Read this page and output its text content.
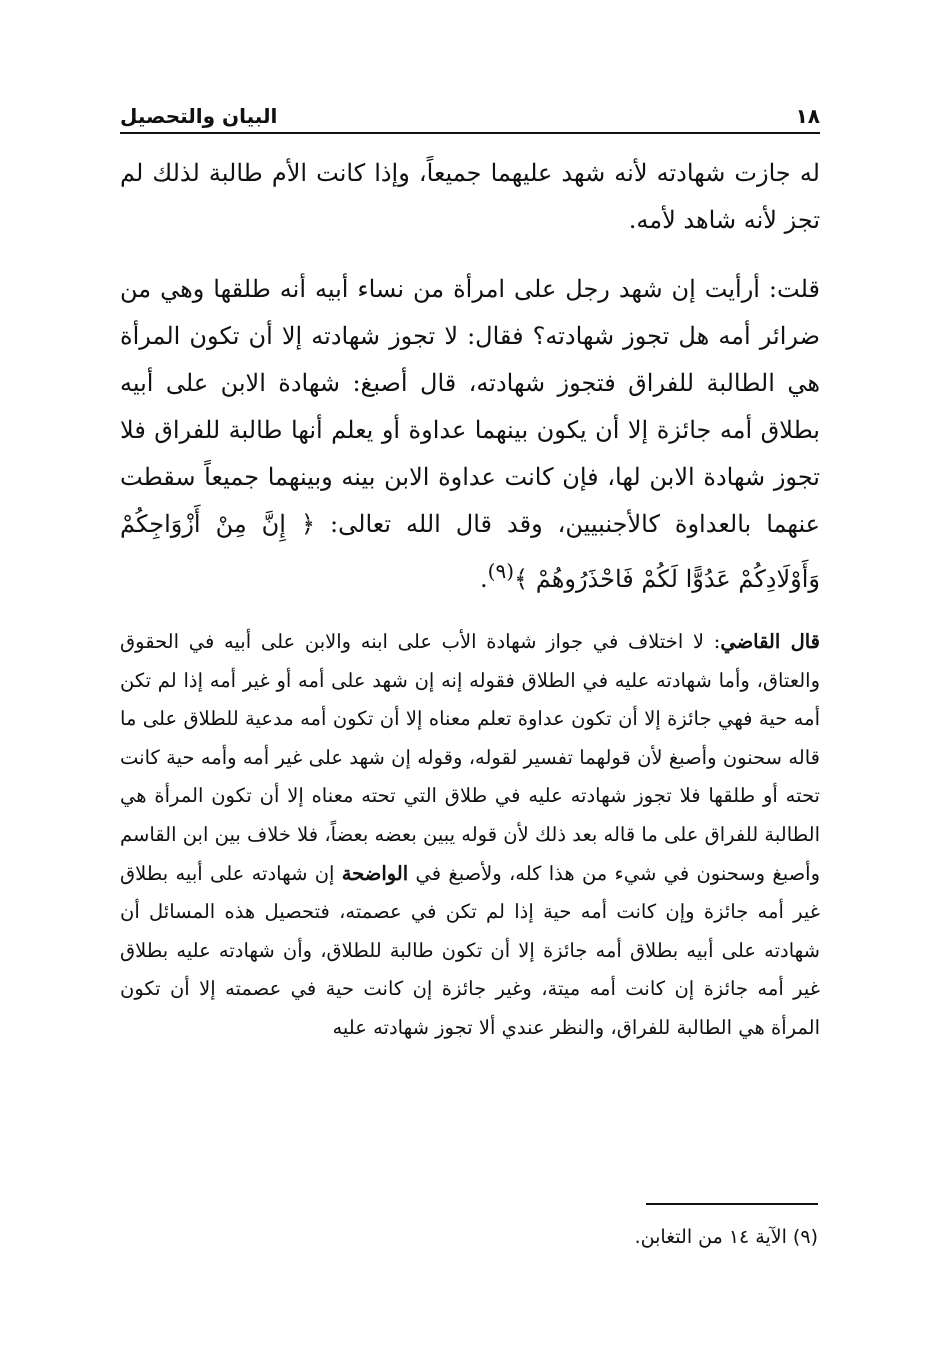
١٨
البيان والتحصيل

له جازت شهادته لأنه شهد عليهما جميعاً، وإذا كانت الأم طالبة لذلك لم تجز لأنه شاهد لأمه.

قلت: أرأيت إن شهد رجل على امرأة من نساء أبيه أنه طلقها وهي من ضرائر أمه هل تجوز شهادته؟ فقال: لا تجوز شهادته إلا أن تكون المرأة هي الطالبة للفراق فتجوز شهادته، قال أصبغ: شهادة الابن على أبيه بطلاق أمه جائزة إلا أن يكون بينهما عداوة أو يعلم أنها طالبة للفراق فلا تجوز شهادة الابن لها، فإن كانت عداوة الابن بينه وبينهما جميعاً سقطت عنهما بالعداوة كالأجنبيين، وقد قال الله تعالى: ﴿ إِنَّ مِنْ أَزْوَاجِكُمْ وَأَوْلَادِكُمْ عَدُوًّا لَكُمْ فَاحْذَرُوهُمْ ﴾$^{(٩)}$.

قال القاضي: لا اختلاف في جواز شهادة الأب على ابنه والابن على أبيه في الحقوق والعتاق، وأما شهادته عليه في الطلاق فقوله إنه إن شهد على أمه أو غير أمه إذا لم تكن أمه حية فهي جائزة إلا أن تكون عداوة تعلم معناه إلا أن تكون أمه مدعية للطلاق على ما قاله سحنون وأصبغ لأن قولهما تفسير لقوله، وقوله إن شهد على غير أمه وأمه حية كانت تحته أو طلقها فلا تجوز شهادته عليه في طلاق التي تحته معناه إلا أن تكون المرأة هي الطالبة للفراق على ما قاله بعد ذلك لأن قوله يبين بعضه بعضاً، فلا خلاف بين ابن القاسم وأصبغ وسحنون في شيء من هذا كله، ولأصبغ في الواضحة إن شهادته على أبيه بطلاق غير أمه جائزة وإن كانت أمه حية إذا لم تكن في عصمته، فتحصيل هذه المسائل أن شهادته على أبيه بطلاق أمه جائزة إلا أن تكون طالبة للطلاق، وأن شهادته عليه بطلاق غير أمه جائزة إن كانت أمه ميتة، وغير جائزة إن كانت حية في عصمته إلا أن تكون المرأة هي الطالبة للفراق، والنظر عندي ألا تجوز شهادته عليه

(٩) الآية ١٤ من التغابن.
